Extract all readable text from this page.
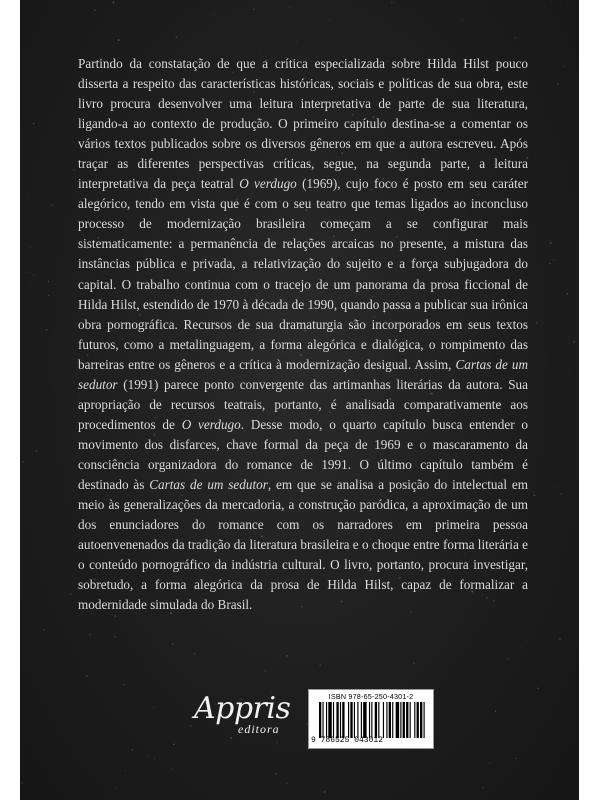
Partindo da constatação de que a crítica especializada sobre Hilda Hilst pouco disserta a respeito das características históricas, sociais e políticas de sua obra, este livro procura desenvolver uma leitura interpretativa de parte de sua literatura, ligando-a ao contexto de produção. O primeiro capítulo destina-se a comentar os vários textos publicados sobre os diversos gêneros em que a autora escreveu. Após traçar as diferentes perspectivas críticas, segue, na segunda parte, a leitura interpretativa da peça teatral O verdugo (1969), cujo foco é posto em seu caráter alegórico, tendo em vista que é com o seu teatro que temas ligados ao inconcluso processo de modernização brasileira começam a se configurar mais sistematicamente: a permanência de relações arcaicas no presente, a mistura das instâncias pública e privada, a relativização do sujeito e a força subjugadora do capital. O trabalho continua com o tracejo de um panorama da prosa ficcional de Hilda Hilst, estendido de 1970 à década de 1990, quando passa a publicar sua irônica obra pornográfica. Recursos de sua dramaturgia são incorporados em seus textos futuros, como a metalinguagem, a forma alegórica e dialógica, o rompimento das barreiras entre os gêneros e a crítica à modernização desigual. Assim, Cartas de um sedutor (1991) parece ponto convergente das artimanhas literárias da autora. Sua apropriação de recursos teatrais, portanto, é analisada comparativamente aos procedimentos de O verdugo. Desse modo, o quarto capítulo busca entender o movimento dos disfarces, chave formal da peça de 1969 e o mascaramento da consciência organizadora do romance de 1991. O último capítulo também é destinado às Cartas de um sedutor, em que se analisa a posição do intelectual em meio às generalizações da mercadoria, a construção paródica, a aproximação de um dos enunciadores do romance com os narradores em primeira pessoa autoenvenenados da tradição da literatura brasileira e o choque entre forma literária e o conteúdo pornográfico da indústria cultural. O livro, portanto, procura investigar, sobretudo, a forma alegórica da prosa de Hilda Hilst, capaz de formalizar a modernidade simulada do Brasil.

Appris
editora
ISBN 978-65-250-4301-2
9 786525 043012
